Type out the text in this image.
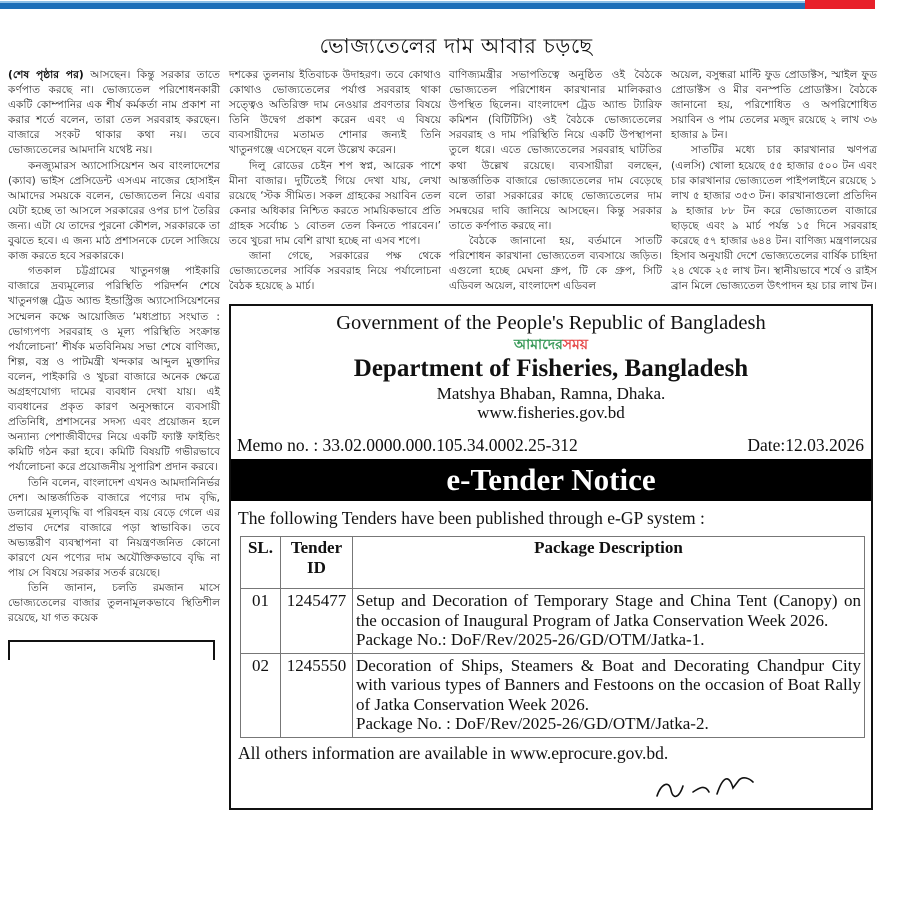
ভোজ্যতেলের দাম আবার চড়ছে

(শেষ পৃষ্ঠার পর) আসছেন। কিন্তু সরকার তাতে কর্ণপাত করছে না। ভোজ্যতেল পরিশোধনকারী একটি কোম্পানির এক শীর্ষ কর্মকর্তা নাম প্রকাশ না করার শর্তে বলেন, তারা তেল সরবরাহ করছেন। বাজারে সংকট থাকার কথা নয়। তবে ভোজ্যতেলের আমদানি যথেষ্ট নয়।

কনজ্যুমারস অ্যাসোসিয়েশন অব বাংলাদেশের (ক্যাব) ভাইস প্রেসিডেন্ট এসএম নাজের হোসাইন আমাদের সময়কে বলেন, ভোজ্যতেল নিয়ে এবার যেটা হচ্ছে তা আসলে সরকারের ওপর চাপ তৈরির জন্য। এটা যে তাদের পুরনো কৌশল, সরকারকে তা বুঝতে হবে। এ জন্য মাঠ প্রশাসনকে ঢেলে সাজিয়ে কাজ করতে হবে সরকারকে।

গতকাল চট্টগ্রামের খাতুনগঞ্জ পাইকারি বাজারে দ্রব্যমূল্যের পরিস্থিতি পরিদর্শন শেষে খাতুনগঞ্জ ট্রেড অ্যান্ড ইন্ডাস্ট্রিজ অ্যাসোসিয়েশনের সম্মেলন কক্ষে আয়োজিত ‘মধ্যপ্রাচ্য সংঘাত : ভোগ্যপণ্য সরবরাহ ও মূল্য পরিস্থিতি সংক্রান্ত পর্যালোচনা’ শীর্ষক মতবিনিময় সভা শেষে বাণিজ্য, শিল্প, বস্ত্র ও পাটমন্ত্রী খন্দকার আব্দুল মুক্তাদির বলেন, পাইকারি ও খুচরা বাজারে অনেক ক্ষেত্রে অগ্রহণযোগ্য দামের ব্যবধান দেখা যায়। এই ব্যবধানের প্রকৃত কারণ অনুসন্ধানে ব্যবসায়ী প্রতিনিধি, প্রশাসনের সদস্য এবং প্রয়োজন হলে অন্যান্য পেশাজীবীদের নিয়ে একটি ফ্যাক্ট ফাইন্ডিং কমিটি গঠন করা হবে। কমিটি বিষয়টি গভীরভাবে পর্যালোচনা করে প্রয়োজনীয় সুপারিশ প্রদান করবে।

তিনি বলেন, বাংলাদেশ এখনও আমদানিনির্ভর দেশ। আন্তর্জাতিক বাজারে পণ্যের দাম বৃদ্ধি, ডলারের মূল্যবৃদ্ধি বা পরিবহন ব্যয় বেড়ে গেলে এর প্রভাব দেশের বাজারে পড়া স্বাভাবিক। তবে অভ্যন্তরীণ ব্যবস্থাপনা বা নিয়ন্ত্রণজনিত কোনো কারণে যেন পণ্যের দাম অযৌক্তিকভাবে বৃদ্ধি না পায় সে বিষয়ে সরকার সতর্ক রয়েছে।

তিনি জানান, চলতি রমজান মাসে ভোজ্যতেলের বাজার তুলনামূলকভাবে স্থিতিশীল রয়েছে, যা গত কয়েক

দশকের তুলনায় ইতিবাচক উদাহরণ। তবে কোথাও কোথাও ভোজ্যতেলের পর্যাপ্ত সরবরাহ থাকা সত্ত্বেও অতিরিক্ত দাম নেওয়ার প্রবণতার বিষয়ে তিনি উদ্বেগ প্রকাশ করেন এবং এ বিষয়ে ব্যবসায়ীদের মতামত শোনার জন্যই তিনি খাতুনগঞ্জে এসেছেন বলে উল্লেখ করেন।

দিলু রোডের চেইন শপ স্বপ্ন, আরেক পাশে মীনা বাজার। দুটিতেই গিয়ে দেখা যায়, লেখা রয়েছে ‘স্টক সীমিত। সকল গ্রাহকের সয়াবিন তেল কেনার অধিকার নিশ্চিত করতে সাময়িকভাবে প্রতি গ্রাহক সর্বোচ্চ ১ বোতল তেল কিনতে পারবেন।’ তবে খুচরা দাম বেশি রাখা হচ্ছে না এসব শপে।

জানা গেছে, সরকারের পক্ষ থেকে ভোজ্যতেলের সার্বিক সরবরাহ নিয়ে পর্যালোচনা বৈঠক হয়েছে ৯ মার্চ।

বাণিজ্যমন্ত্রীর সভাপতিত্বে অনুষ্ঠিত ওই বৈঠকে ভোজ্যতেল পরিশোধন কারখানার মালিকরাও উপস্থিত ছিলেন। বাংলাদেশ ট্রেড অ্যান্ড ট্যারিফ কমিশন (বিটিটিসি) ওই বৈঠকে ভোজ্যতেলের সরবরাহ ও দাম পরিস্থিতি নিয়ে একটি উপস্থাপনা তুলে ধরে। এতে ভোজ্যতেলের সরবরাহ ঘাটতির কথা উল্লেখ রয়েছে। ব্যবসায়ীরা বলছেন, আন্তর্জাতিক বাজারে ভোজ্যতেলের দাম বেড়েছে বলে তারা সরকারের কাছে ভোজ্যতেলের দাম সমন্বয়ের দাবি জানিয়ে আসছেন। কিন্তু সরকার তাতে কর্ণপাত করছে না।

বৈঠকে জানানো হয়, বর্তমানে সাতটি পরিশোধন কারখানা ভোজ্যতেল ব্যবসায়ে জড়িত। এগুলো হচ্ছে মেঘনা গ্রুপ, টি কে গ্রুপ, সিটি এডিবল অয়েল, বাংলাদেশ এডিবল

অয়েল, বসুন্ধরা মাল্টি ফুড প্রোডাক্টস, স্মাইল ফুড প্রোডাক্টস ও মীর বনস্পতি প্রোডাক্টস। বৈঠকে জানানো হয়, পরিশোধিত ও অপরিশোধিত সয়াবিন ও পাম তেলের মজুদ রয়েছে ২ লাখ ৩৬ হাজার ৯ টন।

সাতটির মধ্যে চার কারখানার ঋণপত্র (এলসি) খোলা হয়েছে ৫৫ হাজার ৫০০ টন এবং চার কারখানার ভোজ্যতেল পাইপলাইনে রয়েছে ১ লাখ ৫ হাজার ৩৫৩ টন। কারখানাগুলো প্রতিদিন ৯ হাজার ৮৮ টন করে ভোজ্যতেল বাজারে ছাড়ছে এবং ৯ মার্চ পর্যন্ত ১৫ দিনে সরবরাহ করেছে ৫৭ হাজার ৬৪৪ টন। বাণিজ্য মন্ত্রণালয়ের হিসাব অনুযায়ী দেশে ভোজ্যতেলের বার্ষিক চাহিদা ২৪ থেকে ২৫ লাখ টন। স্থানীয়ভাবে শর্ষে ও রাইস ব্রান মিলে ভোজ্যতেল উৎপাদন হয় চার লাখ টন।

Government of the People's Republic of Bangladesh
আমাদেরসময়
Department of Fisheries, Bangladesh
Matshya Bhaban, Ramna, Dhaka.
www.fisheries.gov.bd
Memo no. : 33.02.0000.000.105.34.0002.25-312	Date:12.03.2026
e-Tender Notice
The following Tenders have been published through e-GP system :
SL.	Tender ID	Package Description
01	1245477	Setup and Decoration of Temporary Stage and China Tent (Canopy) on the occasion of Inaugural Program of Jatka Conservation Week 2026.
Package No.: DoF/Rev/2025-26/GD/OTM/Jatka-1.

02	1245550	Decoration of Ships, Steamers & Boat and Decorating Chandpur City with various types of Banners and Festoons on the occasion of Boat Rally of Jatka Conservation Week 2026.
Package No. : DoF/Rev/2025-26/GD/OTM/Jatka-2.
All others information are available in www.eprocure.gov.bd.
